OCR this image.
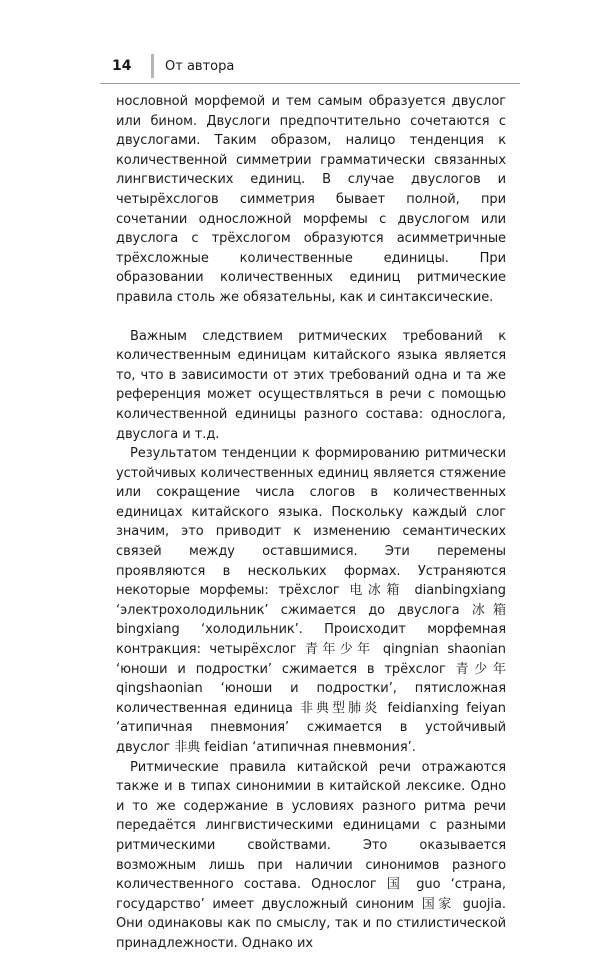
14	От автора

нословной морфемой и тем самым образуется двуслог или бином. Двуслоги предпочтительно сочетаются с двуслогами. Таким образом, налицо тенденция к количественной симметрии грамматически связанных лингвистических единиц. В случае двуслогов и четырёхслогов симметрия бывает полной, при сочетании односложной морфемы с двуслогом или двуслога с трёхслогом образуются асимметричные трёхсложные количественные единицы. При образовании количественных единиц ритмические правила столь же обязательны, как и синтаксические.

Важным следствием ритмических требований к количественным единицам китайского языка является то, что в зависимости от этих требований одна и та же референция может осуществляться в речи с помощью количественной единицы разного состава: однослога, двуслога и т.д.

Результатом тенденции к формированию ритмически устойчивых количественных единиц является стяжение или сокращение числа слогов в количественных единицах китайского языка. Поскольку каждый слог значим, это приводит к изменению семантических связей между оставшимися. Эти перемены проявляются в нескольких формах. Устраняются некоторые морфемы: трёхслог 电冰箱 dianbingxiang ‘электрохолодильник’ сжимается до двуслога 冰箱bingxiang ‘холодильник’. Происходит морфемная контракция: четырёхслог 青年少年 qingnian shaonian ‘юноши и подростки’ сжимается в трёхслог 青少年 qingshaonian ‘юноши и подростки’, пятисложная количественная единица 非典型肺炎 feidianxing feiyan ‘атипичная пневмония’ сжимается в устойчивый двуслог 非典 feidian ‘атипичная пневмония’.

Ритмические правила китайской речи отражаются также и в типах синонимии в китайской лексике. Одно и то же содержание в условиях разного ритма речи передаётся лингвистическими единицами с разными ритмическими свойствами. Это оказывается возможным лишь при наличии синонимов разного количественного состава. Однослог 国 guo ‘страна, государство’ имеет двусложный синоним 国家 guojia. Они одинаковы как по смыслу, так и по стилистической принадлежности. Однако их
